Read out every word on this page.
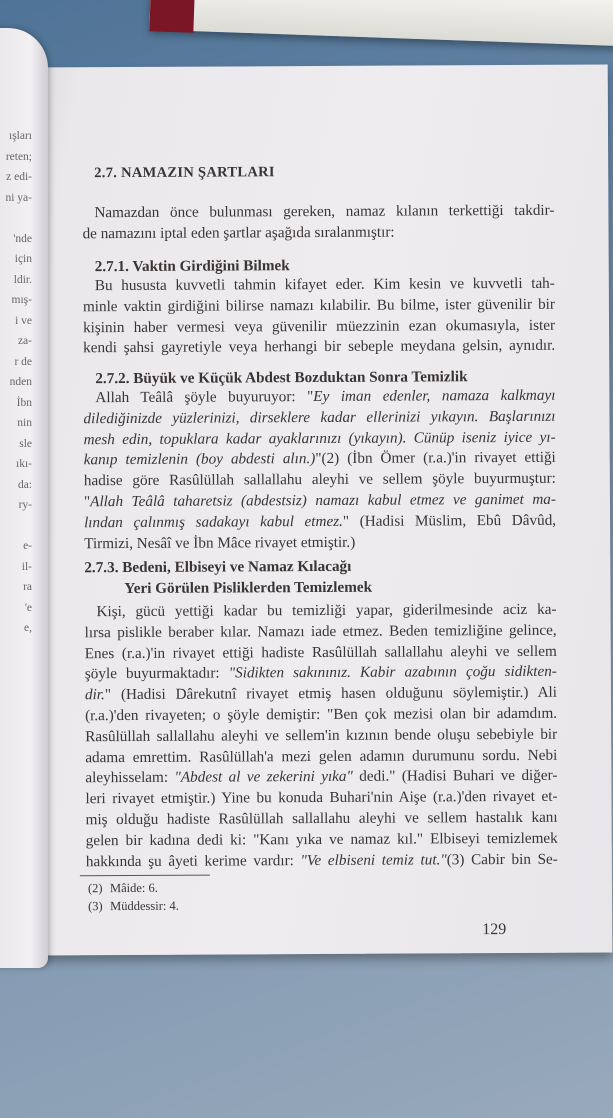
ışları
reten;
z edi-
ni ya-
'nde
için
ldir.
mış-
i ve
za-
r de
nden
İbn
nin
sle
ıkı-
da:
ry-
e-
il-
ra
'e
e,
2.7. NAMAZIN ŞARTLARI
Namazdan önce bulunması gereken, namaz kılanın terkettiği takdir-
de namazını iptal eden şartlar aşağıda sıralanmıştır:
2.7.1. Vaktin Girdiğini Bilmek
Bu hususta kuvvetli tahmin kifayet eder. Kim kesin ve kuvvetli tah-
minle vaktin girdiğini bilirse namazı kılabilir. Bu bilme, ister güvenilir bir
kişinin haber vermesi veya güvenilir müezzinin ezan okumasıyla, ister
kendi şahsi gayretiyle veya herhangi bir sebeple meydana gelsin, aynıdır.
2.7.2. Büyük ve Küçük Abdest Bozduktan Sonra Temizlik
Allah Teâlâ şöyle buyuruyor: "Ey iman edenler, namaza kalkmayı
dilediğinizde yüzlerinizi, dirseklere kadar ellerinizi yıkayın. Başlarınızı
mesh edin, topuklara kadar ayaklarınızı (yıkayın). Cünüp iseniz iyice yı-
kanıp temizlenin (boy abdesti alın.)"(2) (İbn Ömer (r.a.)'in rivayet ettiği
hadise göre Rasûlüllah sallallahu aleyhi ve sellem şöyle buyurmuştur:
"Allah Teâlâ taharetsiz (abdestsiz) namazı kabul etmez ve ganimet ma-
lından çalınmış sadakayı kabul etmez." (Hadisi Müslim, Ebû Dâvûd,
Tirmizi, Nesâî ve İbn Mâce rivayet etmiştir.)
2.7.3. Bedeni, Elbiseyi ve Namaz Kılacağı
Yeri Görülen Pisliklerden Temizlemek
Kişi, gücü yettiği kadar bu temizliği yapar, giderilmesinde aciz ka-
lırsa pislikle beraber kılar. Namazı iade etmez. Beden temizliğine gelince,
Enes (r.a.)'in rivayet ettiği hadiste Rasûlüllah sallallahu aleyhi ve sellem
şöyle buyurmaktadır: "Sidikten sakınınız. Kabir azabının çoğu sidikten-
dir." (Hadisi Dârekutnî rivayet etmiş hasen olduğunu söylemiştir.) Ali
(r.a.)'den rivayeten; o şöyle demiştir: "Ben çok mezisi olan bir adamdım.
Rasûlüllah sallallahu aleyhi ve sellem'in kızının bende oluşu sebebiyle bir
adama emrettim. Rasûlüllah'a mezi gelen adamın durumunu sordu. Nebi
aleyhisselam: "Abdest al ve zekerini yıka" dedi." (Hadisi Buhari ve diğer-
leri rivayet etmiştir.) Yine bu konuda Buhari'nin Aişe (r.a.)'den rivayet et-
miş olduğu hadiste Rasûlüllah sallallahu aleyhi ve sellem hastalık kanı
gelen bir kadına dedi ki: "Kanı yıka ve namaz kıl." Elbiseyi temizlemek
hakkında şu âyeti kerime vardır: "Ve elbiseni temiz tut."(3) Cabir bin Se-
(2) Mâide: 6.
(3) Müddessir: 4.
129
